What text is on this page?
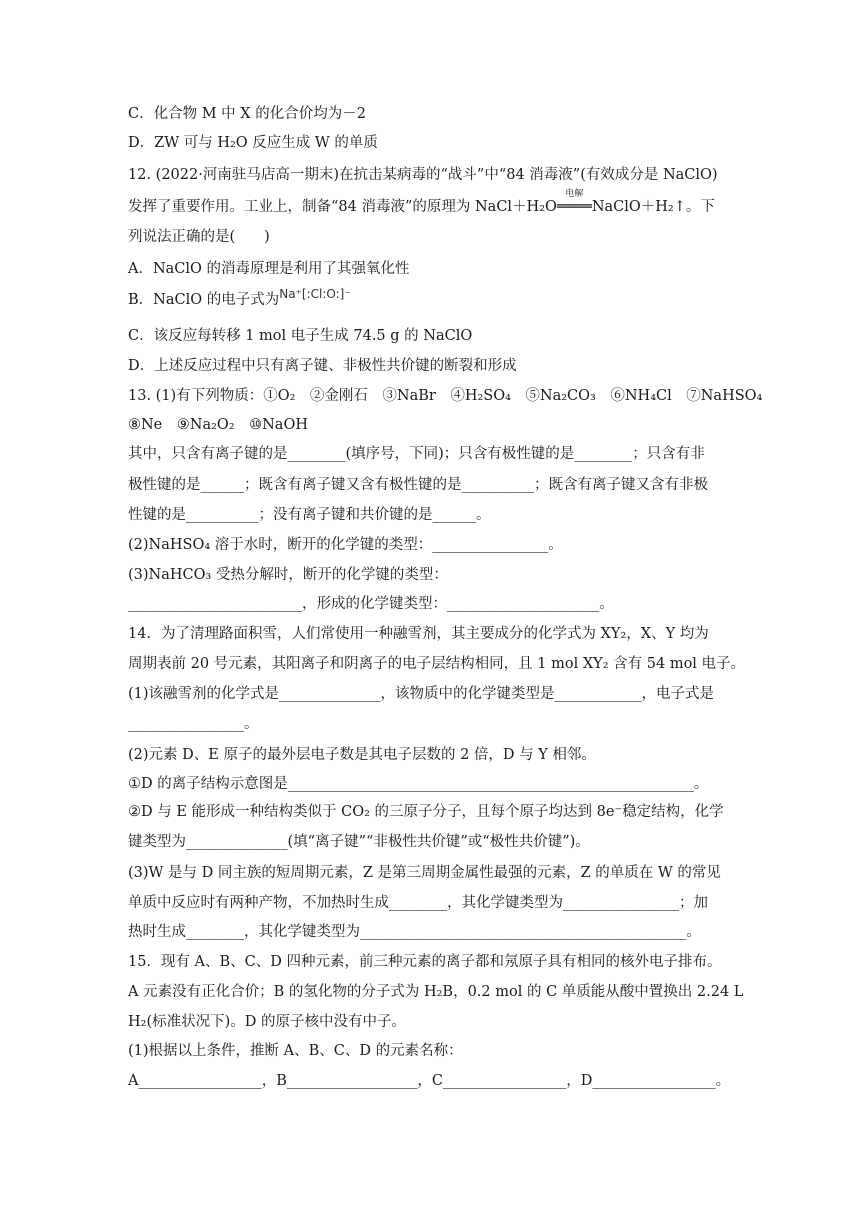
C．化合物 M 中 X 的化合价均为－2
D．ZW 可与 H₂O 反应生成 W 的单质
12. (2022·河南驻马店高一期末)在抗击某病毒的“战斗”中“84 消毒液”(有效成分是 NaClO)
发挥了重要作用。工业上，制备“84 消毒液”的原理为 NaCl＋H₂O
电解
════NaClO＋H₂↑。下
列说法正确的是(　　)
A．NaClO 的消毒原理是利用了其强氧化性
B．NaClO 的电子式为$^{Na^+[:Cl:O:]^-}$
C．该反应每转移 1 mol 电子生成 74.5 g 的 NaClO
D．上述反应过程中只有离子键、非极性共价键的断裂和形成
13. (1)有下列物质：①O₂　②金刚石　③NaBr　④H₂SO₄　⑤Na₂CO₃　⑥NH₄Cl　⑦NaHSO₄
⑧Ne　⑨Na₂O₂　⑩NaOH
其中，只含有离子键的是________(填序号，下同)；只含有极性键的是________；只含有非
极性键的是______；既含有离子键又含有极性键的是__________；既含有离子键又含有非极
性键的是__________；没有离子键和共价键的是______。
(2)NaHSO₄ 溶于水时，断开的化学键的类型：________________。
(3)NaHCO₃ 受热分解时，断开的化学键的类型：
________________________，形成的化学键类型：_____________________。
14．为了清理路面积雪，人们常使用一种融雪剂，其主要成分的化学式为 XY₂，X、Y 均为
周期表前 20 号元素，其阳离子和阴离子的电子层结构相同，且 1 mol XY₂ 含有 54 mol 电子。
(1)该融雪剂的化学式是______________，该物质中的化学键类型是____________，电子式是
________________。
(2)元素 D、E 原子的最外层电子数是其电子层数的 2 倍，D 与 Y 相邻。
①D 的离子结构示意图是________________________________________________________。
②D 与 E 能形成一种结构类似于 CO₂ 的三原子分子，且每个原子均达到 8e⁻稳定结构，化学
键类型为______________(填“离子键”“非极性共价键”或“极性共价键”)。
(3)W 是与 D 同主族的短周期元素，Z 是第三周期金属性最强的元素，Z 的单质在 W 的常见
单质中反应时有两种产物，不加热时生成________，其化学键类型为________________；加
热时生成________，其化学键类型为_____________________________________________。
15．现有 A、B、C、D 四种元素，前三种元素的离子都和氖原子具有相同的核外电子排布。
A 元素没有正化合价；B 的氢化物的分子式为 H₂B，0.2 mol 的 C 单质能从酸中置换出 2.24 L
H₂(标准状况下)。D 的原子核中没有中子。
(1)根据以上条件，推断 A、B、C、D 的元素名称：
A_________________，B__________________，C_________________，D_________________。
